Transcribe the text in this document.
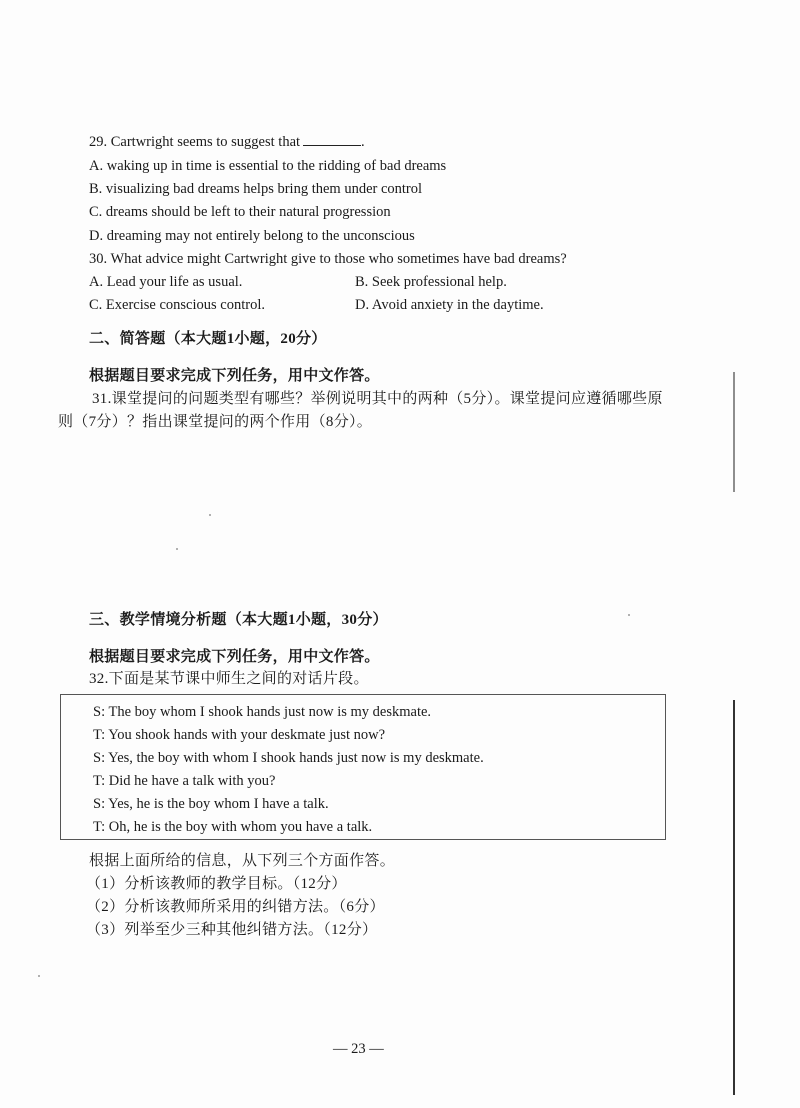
29. Cartwright seems to suggest that	.
A. waking up in time is essential to the ridding of bad dreams
B. visualizing bad dreams helps bring them under control
C. dreams should be left to their natural progression
D. dreaming may not entirely belong to the unconscious
30. What advice might Cartwright give to those who sometimes have bad dreams?
A. Lead your life as usual.	B. Seek professional help.
C. Exercise conscious control.	D. Avoid anxiety in the daytime.
二、简答题（本大题1小题，20分）
根据题目要求完成下列任务，用中文作答。
31.课堂提问的问题类型有哪些？举例说明其中的两种（5分）。课堂提问应遵循哪些原
则（7分）？指出课堂提问的两个作用（8分）。
三、教学情境分析题（本大题1小题，30分）
根据题目要求完成下列任务，用中文作答。
32.下面是某节课中师生之间的对话片段。
S: The boy whom I shook hands just now is my deskmate.
T: You shook hands with your deskmate just now?
S: Yes, the boy with whom I shook hands just now is my deskmate.
T: Did he have a talk with you?
S: Yes, he is the boy whom I have a talk.
T: Oh, he is the boy with whom you have a talk.
根据上面所给的信息，从下列三个方面作答。
（1）分析该教师的教学目标。（12分）
（2）分析该教师所采用的纠错方法。（6分）
（3）列举至少三种其他纠错方法。（12分）
— 23 —
